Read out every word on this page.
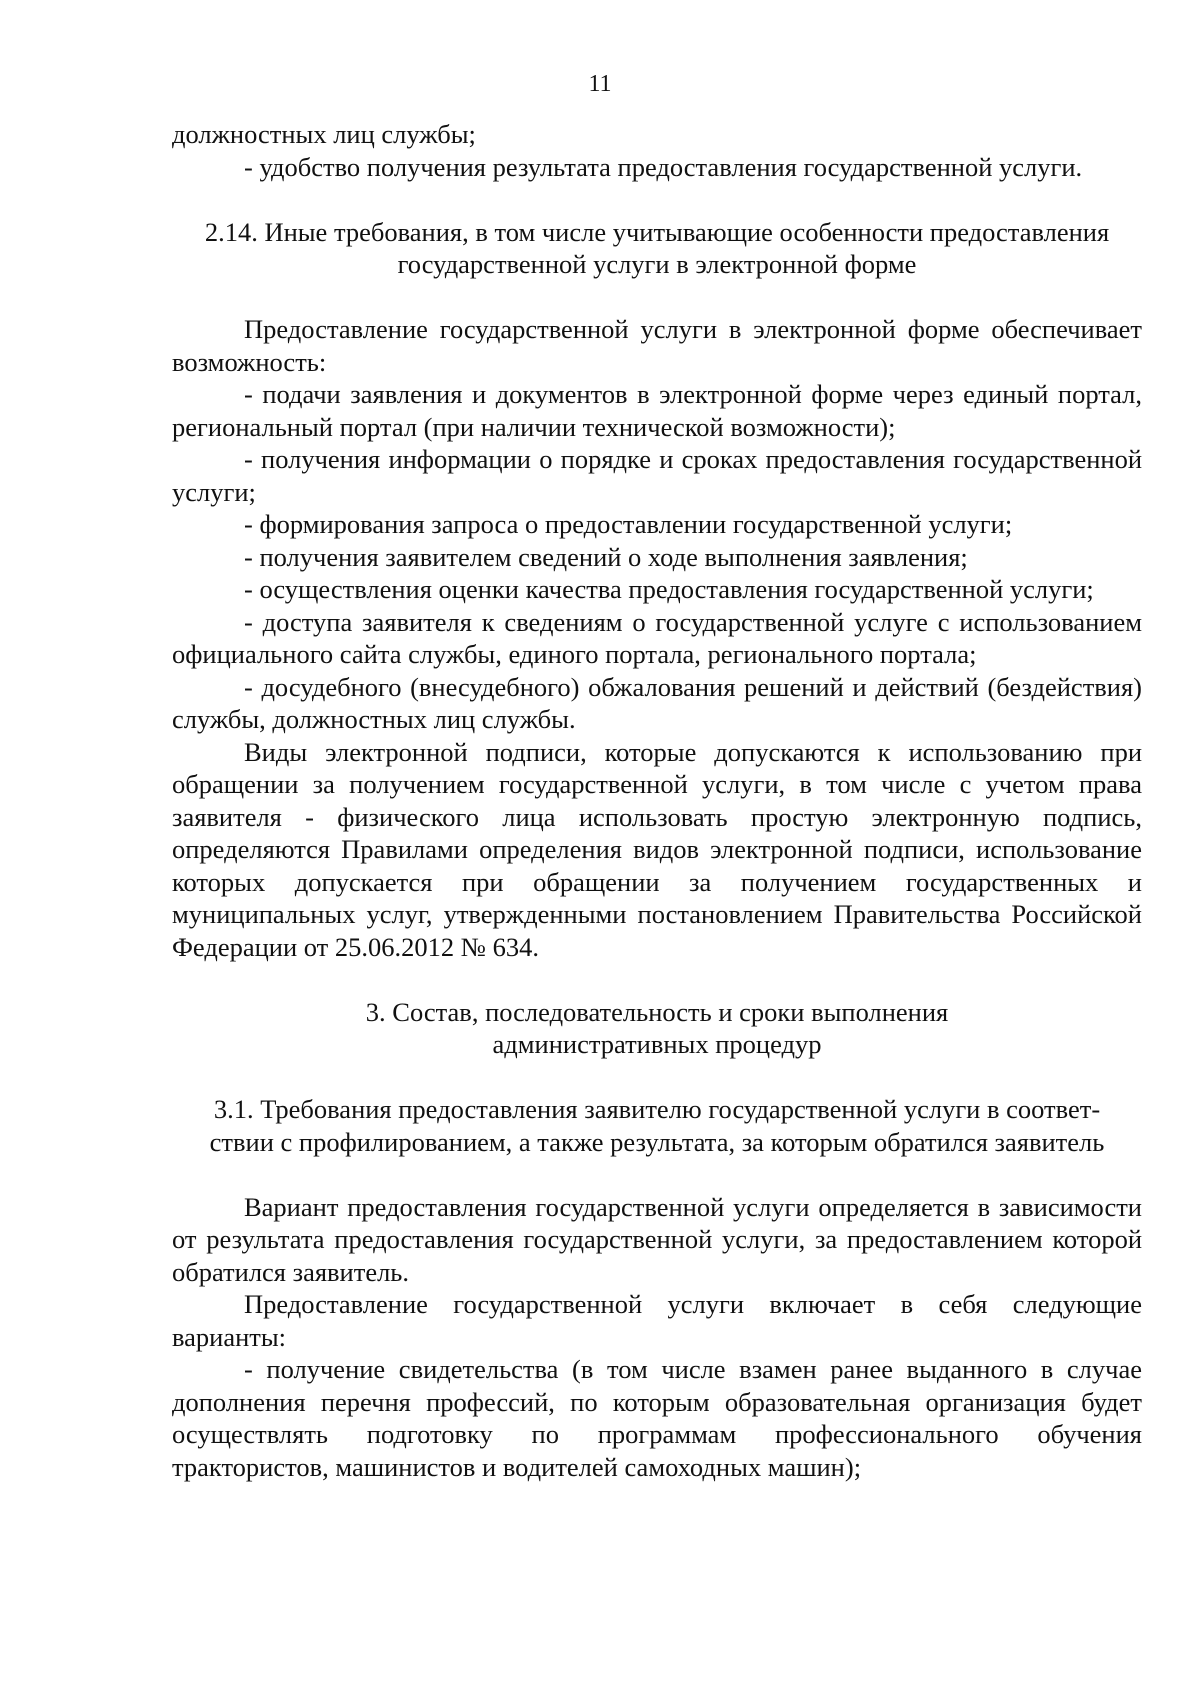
11

должностных лиц службы;

- удобство получения результата предоставления государственной услуги.

2.14. Иные требования, в том числе учитывающие особенности предоставления

государственной услуги в электронной форме

Предоставление государственной услуги в электронной форме обеспечивает возможность:

- подачи заявления и документов в электронной форме через единый портал, региональный портал (при наличии технической возможности);

- получения информации о порядке и сроках предоставления государственной услуги;

- формирования запроса о предоставлении государственной услуги;

- получения заявителем сведений о ходе выполнения заявления;

- осуществления оценки качества предоставления государственной услуги;

- доступа заявителя к сведениям о государственной услуге с использованием официального сайта службы, единого портала, регионального портала;

- досудебного (внесудебного) обжалования решений и действий (бездействия) службы, должностных лиц службы.

Виды электронной подписи, которые допускаются к использованию при обращении за получением государственной услуги, в том числе с учетом права заявителя - физического лица использовать простую электронную подпись, определяются Правилами определения видов электронной подписи, использование которых допускается при обращении за получением государственных и муниципальных услуг, утвержденными постановлением Правительства Российской Федерации от 25.06.2012 № 634.

3. Состав, последовательность и сроки выполнения

административных процедур

3.1. Требования предоставления заявителю государственной услуги в соответ-

ствии с профилированием, а также результата, за которым обратился заявитель

Вариант предоставления государственной услуги определяется в зависимости от результата предоставления государственной услуги, за предоставлением которой обратился заявитель.

Предоставление государственной услуги включает в себя следующие варианты:

- получение свидетельства (в том числе взамен ранее выданного в случае дополнения перечня профессий, по которым образовательная организация будет осуществлять подготовку по программам профессионального обучения трактористов, машинистов и водителей самоходных машин);
